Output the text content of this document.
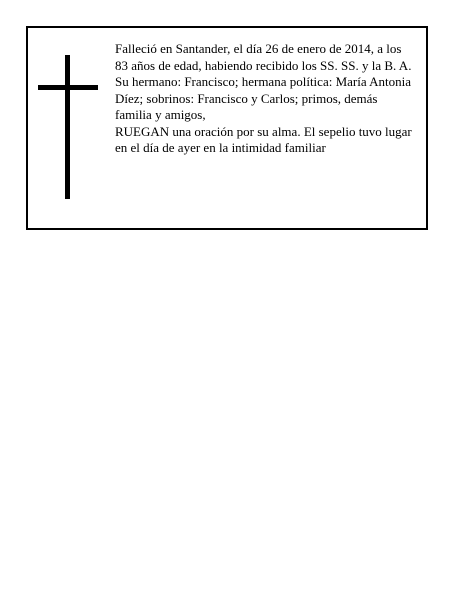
Falleció en Santander, el día 26 de enero de 2014, a los 83 años de edad, habiendo recibido los SS. SS. y la B. A.

Su hermano: Francisco; hermana política: María Antonia Díez; sobrinos: Francisco y Carlos; primos, demás familia y amigos,

RUEGAN una oración por su alma. El sepelio tuvo lugar en el día de ayer en la intimidad familiar
